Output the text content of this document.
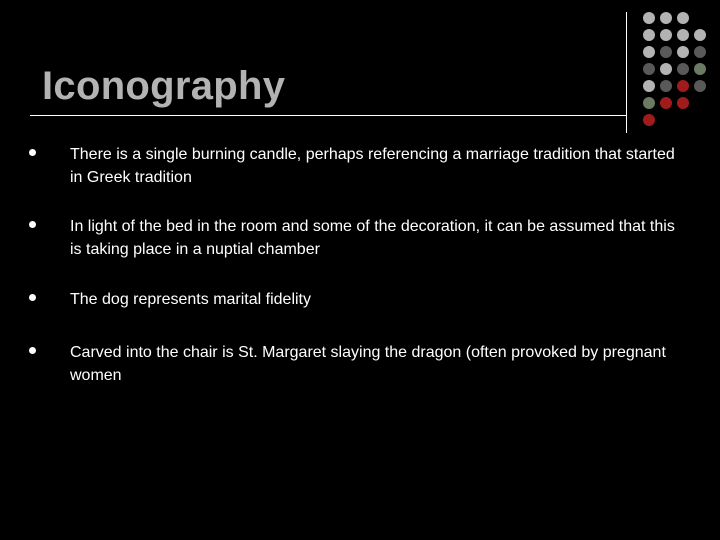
Iconography
There is a single burning candle, perhaps referencing a marriage tradition that started in Greek tradition
In light of the bed in the room and some of the decoration, it can be assumed that this is taking place in a nuptial chamber
The dog represents marital fidelity
Carved into the chair is St. Margaret slaying the dragon (often provoked by pregnant women
